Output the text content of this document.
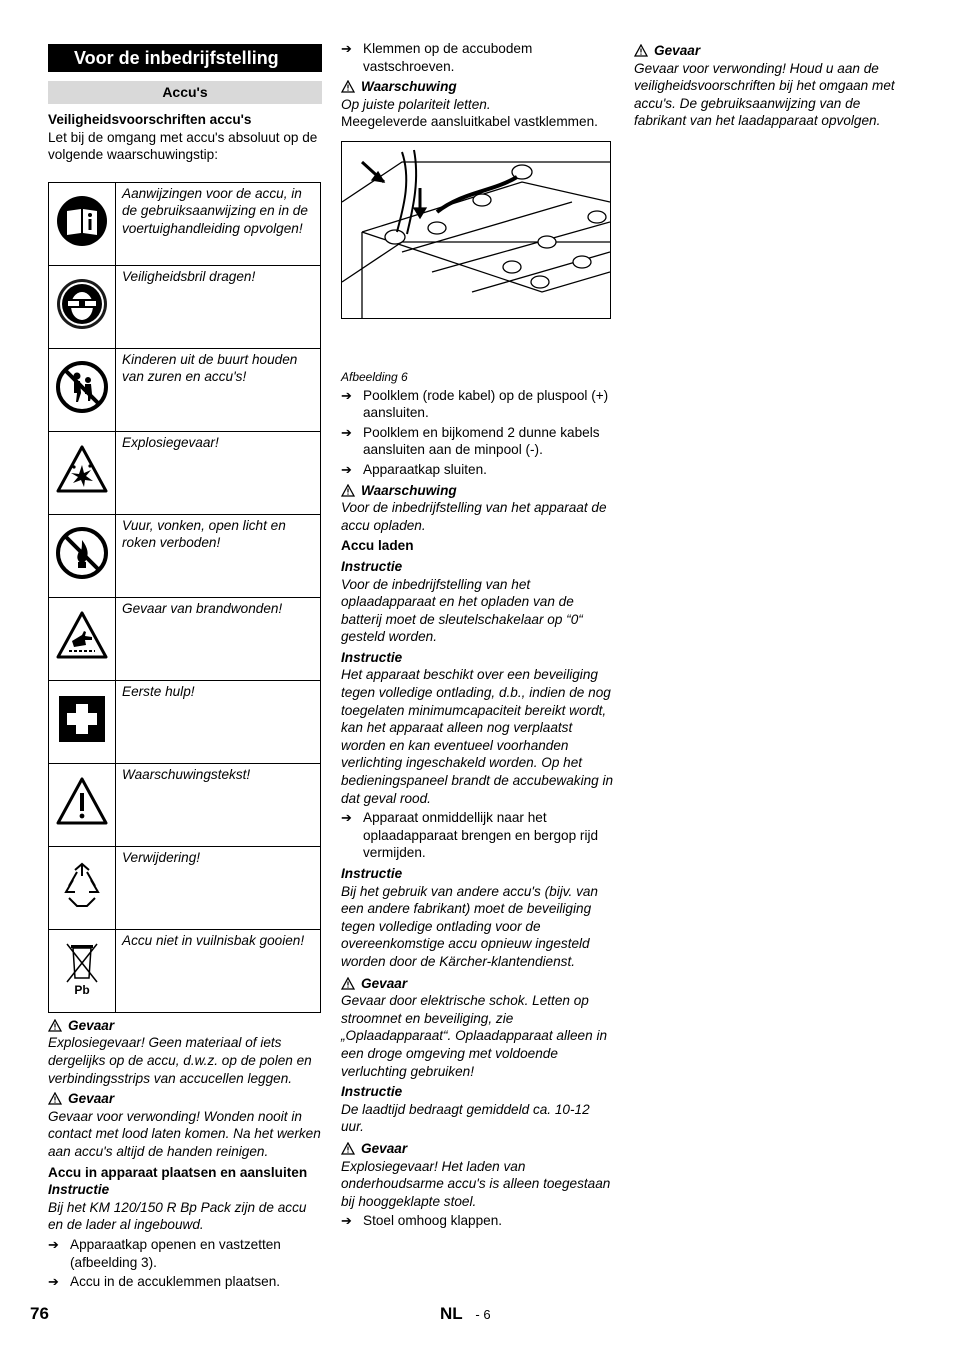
Voor de inbedrijfstelling
Accu's

Veiligheidsvoorschriften accu's

Let bij de omgang met accu's absoluut op de volgende waarschuwingstip:

	Aanwijzingen voor de accu, in de gebruiksaanwijzing en in de voertuighandleiding opvolgen!
	Veiligheidsbril dragen!
	Kinderen uit de buurt houden van zuren en accu's!
	Explosiegevaar!
	Vuur, vonken, open licht en roken verboden!
	Gevaar van brandwonden!
	Eerste hulp!
	Waarschuwingstekst!
	Verwijdering!

Pb	Accu niet in vuilnisbak gooien!
Gevaar

Explosiegevaar! Geen materiaal of iets dergelijks op de accu, d.w.z. op de polen en verbindingsstrips van accucellen leggen.

Gevaar

Gevaar voor verwonding! Wonden nooit in contact met lood laten komen. Na het werken aan accu's altijd de handen reinigen.

Accu in apparaat plaatsen en aansluiten

Instructie

Bij het KM 120/150 R Bp Pack zijn de accu en de lader al ingebouwd.

➔ Apparaatkap openen en vastzetten (afbeelding 3).
➔ Accu in de accuklemmen plaatsen.
➔ Klemmen op de accubodem vastschroeven.
Waarschuwing

Op juiste polariteit letten.

Meegeleverde aansluitkabel vastklemmen.

Afbeelding 6

➔ Poolklem (rode kabel) op de pluspool (+) aansluiten.
➔ Poolklem en bijkomend 2 dunne kabels aansluiten aan de minpool (-).
➔ Apparaatkap sluiten.
Waarschuwing

Voor de inbedrijfstelling van het apparaat de accu opladen.

Accu laden

Instructie

Voor de inbedrijfstelling van het oplaadapparaat en het opladen van de batterij moet de sleutelschakelaar op “0“ gesteld worden.

Instructie

Het apparaat beschikt over een beveiliging tegen volledige ontlading, d.b., indien de nog toegelaten minimumcapaciteit bereikt wordt, kan het apparaat alleen nog verplaatst worden en kan eventueel voorhanden verlichting ingeschakeld worden. Op het bedieningspaneel brandt de accubewaking in dat geval rood.

➔ Apparaat onmiddellijk naar het oplaadapparaat brengen en bergop rijd vermijden.

Instructie

Bij het gebruik van andere accu's (bijv. van een andere fabrikant) moet de beveiliging tegen volledige ontlading voor de overeenkomstige accu opnieuw ingesteld worden door de Kärcher-klantendienst.

Gevaar

Gevaar door elektrische schok. Letten op stroomnet en beveiliging, zie „Oplaadapparaat“. Oplaadapparaat alleen in een droge omgeving met voldoende verluchting gebruiken!

Instructie

De laadtijd bedraagt gemiddeld ca. 10-12 uur.

Gevaar

Explosiegevaar! Het laden van onderhoudsarme accu's is alleen toegestaan bij hooggeklapte stoel.

➔ Stoel omhoog klappen.
Gevaar

Gevaar voor verwonding! Houd u aan de veiligheidsvoorschriften bij het omgaan met accu's. De gebruiksaanwijzing van de fabrikant van het laadapparaat opvolgen.

76	NL - 6
